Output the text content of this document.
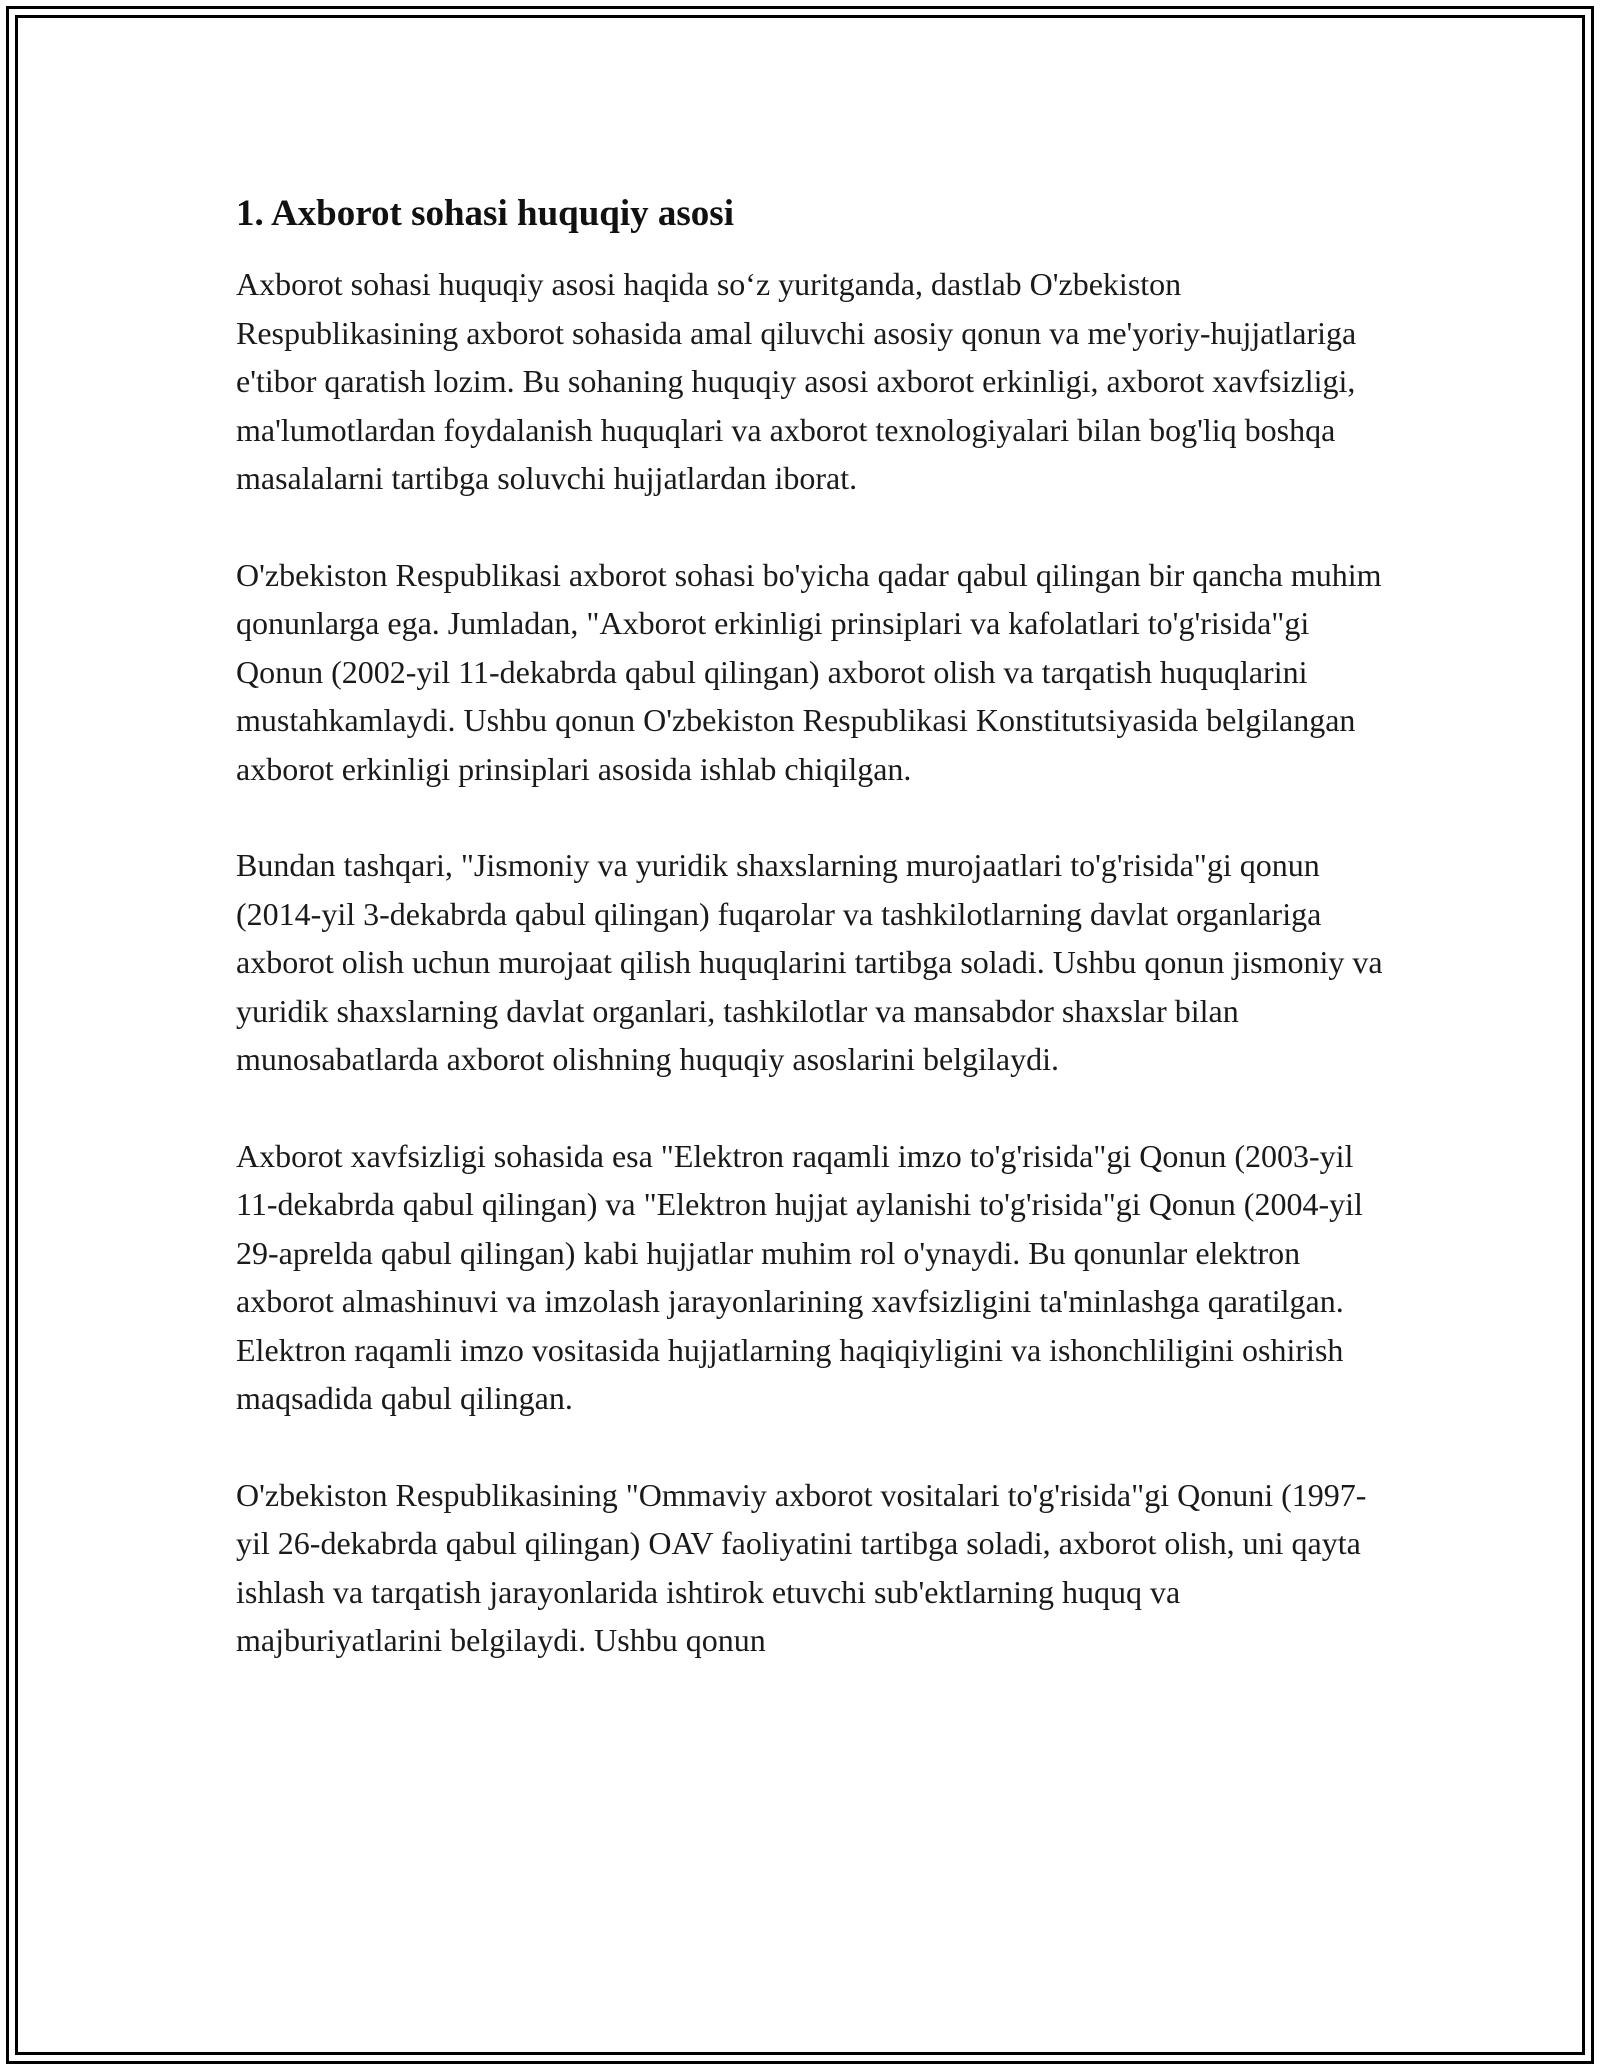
1. Axborot sohasi huquqiy asosi

Axborot sohasi huquqiy asosi haqida so‘z yuritganda, dastlab O'zbekiston Respublikasining axborot sohasida amal qiluvchi asosiy qonun va me'yoriy-hujjatlariga e'tibor qaratish lozim. Bu sohaning huquqiy asosi axborot erkinligi, axborot xavfsizligi, ma'lumotlardan foydalanish huquqlari va axborot texnologiyalari bilan bog'liq boshqa masalalarni tartibga soluvchi hujjatlardan iborat.

O'zbekiston Respublikasi axborot sohasi bo'yicha qadar qabul qilingan bir qancha muhim qonunlarga ega. Jumladan, "Axborot erkinligi prinsiplari va kafolatlari to'g'risida"gi Qonun (2002-yil 11-dekabrda qabul qilingan) axborot olish va tarqatish huquqlarini mustahkamlaydi. Ushbu qonun O'zbekiston Respublikasi Konstitutsiyasida belgilangan axborot erkinligi prinsiplari asosida ishlab chiqilgan.

Bundan tashqari, "Jismoniy va yuridik shaxslarning murojaatlari to'g'risida"gi qonun (2014-yil 3-dekabrda qabul qilingan) fuqarolar va tashkilotlarning davlat organlariga axborot olish uchun murojaat qilish huquqlarini tartibga soladi. Ushbu qonun jismoniy va yuridik shaxslarning davlat organlari, tashkilotlar va mansabdor shaxslar bilan munosabatlarda axborot olishning huquqiy asoslarini belgilaydi.

Axborot xavfsizligi sohasida esa "Elektron raqamli imzo to'g'risida"gi Qonun (2003-yil 11-dekabrda qabul qilingan) va "Elektron hujjat aylanishi to'g'risida"gi Qonun (2004-yil 29-aprelda qabul qilingan) kabi hujjatlar muhim rol o'ynaydi. Bu qonunlar elektron axborot almashinuvi va imzolash jarayonlarining xavfsizligini ta'minlashga qaratilgan. Elektron raqamli imzo vositasida hujjatlarning haqiqiyligini va ishonchliligini oshirish maqsadida qabul qilingan.

O'zbekiston Respublikasining "Ommaviy axborot vositalari to'g'risida"gi Qonuni (1997-yil 26-dekabrda qabul qilingan) OAV faoliyatini tartibga soladi, axborot olish, uni qayta ishlash va tarqatish jarayonlarida ishtirok etuvchi sub'ektlarning huquq va majburiyatlarini belgilaydi. Ushbu qonun
